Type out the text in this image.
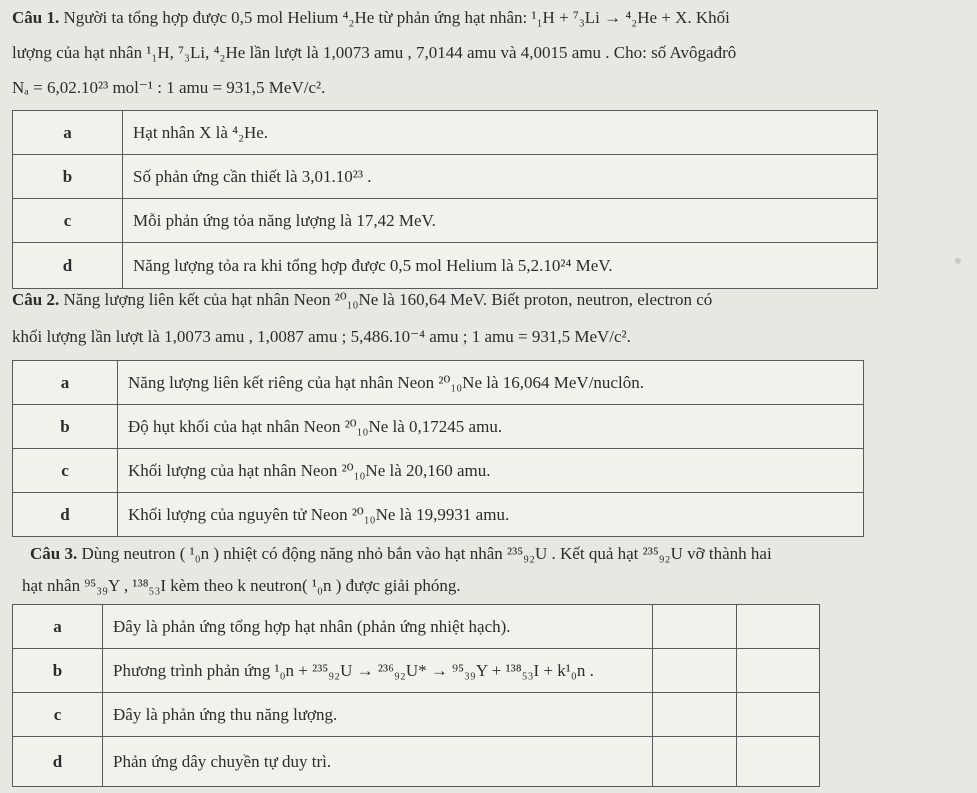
Câu 1. Người ta tổng hợp được 0,5 mol Helium ⁴₂He từ phản ứng hạt nhân: ¹₁H + ⁷₃Li → ⁴₂He + X. Khối
lượng của hạt nhân ¹₁H, ⁷₃Li, ⁴₂He lần lượt là 1,0073 amu , 7,0144 amu và 4,0015 amu . Cho: số Avôgađrô
Nₐ = 6,02.10²³ mol⁻¹ : 1 amu = 931,5 MeV/c².
a	Hạt nhân X là ⁴₂He.
b	Số phản ứng cần thiết là 3,01.10²³ .
c	Mỗi phản ứng tỏa năng lượng là 17,42 MeV.
d	Năng lượng tỏa ra khi tổng hợp được 0,5 mol Helium là 5,2.10²⁴ MeV.
Câu 2. Năng lượng liên kết của hạt nhân Neon ²⁰₁₀Ne là 160,64 MeV. Biết proton, neutron, electron có
khối lượng lần lượt là 1,0073 amu , 1,0087 amu ; 5,486.10⁻⁴ amu ; 1 amu = 931,5 MeV/c².
a	Năng lượng liên kết riêng của hạt nhân Neon ²⁰₁₀Ne là 16,064 MeV/nuclôn.
b	Độ hụt khối của hạt nhân Neon ²⁰₁₀Ne là 0,17245 amu.
c	Khối lượng của hạt nhân Neon ²⁰₁₀Ne là 20,160 amu.
d	Khối lượng của nguyên tử Neon ²⁰₁₀Ne là 19,9931 amu.
Câu 3. Dùng neutron ( ¹₀n ) nhiệt có động năng nhỏ bắn vào hạt nhân ²³⁵₉₂U . Kết quả hạt ²³⁵₉₂U vỡ thành hai
hạt nhân ⁹⁵₃₉Y , ¹³⁸₅₃I kèm theo k neutron( ¹₀n ) được giải phóng.
a	Đây là phản ứng tổng hợp hạt nhân (phản ứng nhiệt hạch).		
b	Phương trình phản ứng ¹₀n + ²³⁵₉₂U → ²³⁶₉₂U* → ⁹⁵₃₉Y + ¹³⁸₅₃I + k¹₀n .		
c	Đây là phản ứng thu năng lượng.		
d	Phản ứng dây chuyền tự duy trì.		
